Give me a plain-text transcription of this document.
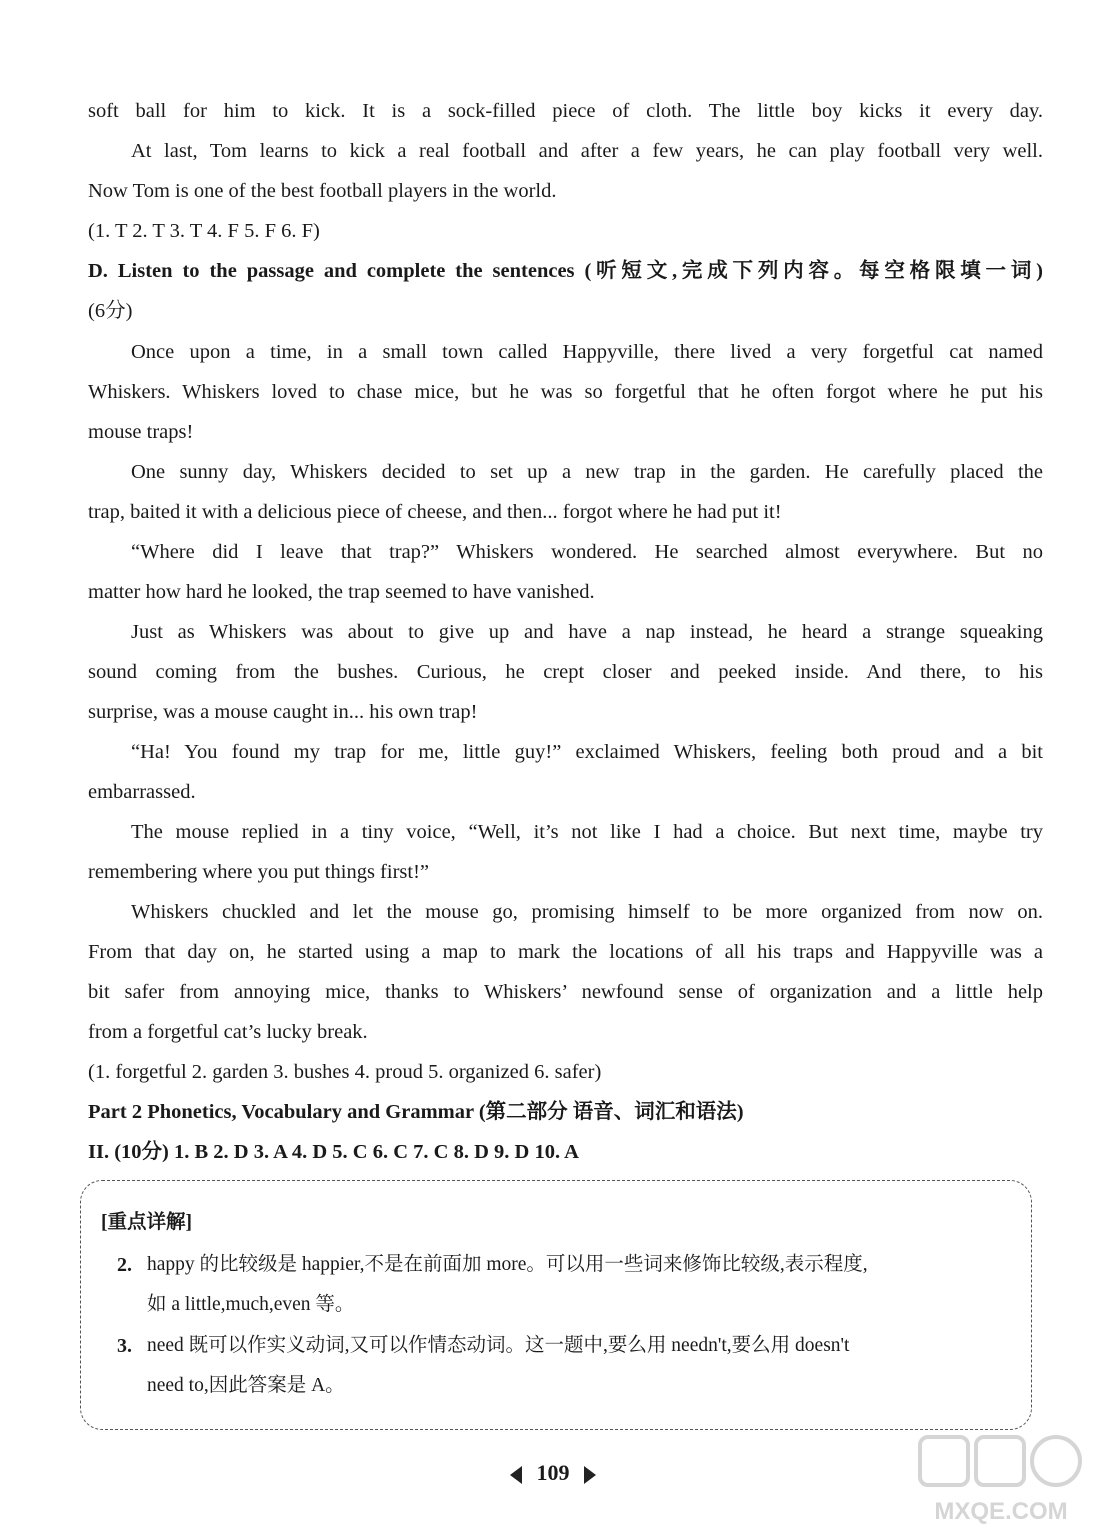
soft ball for him to kick. It is a sock-filled piece of cloth. The little boy kicks it every day.
At last, Tom learns to kick a real football and after a few years, he can play football very well.
Now Tom is one of the best football players in the world.
(1. T 2. T 3. T 4. F 5. F 6. F)
D. Listen to the passage and complete the sentences (听短文,完成下列内容。每空格限填一词)
(6分)
Once upon a time, in a small town called Happyville, there lived a very forgetful cat named
Whiskers. Whiskers loved to chase mice, but he was so forgetful that he often forgot where he put his
mouse traps!
One sunny day, Whiskers decided to set up a new trap in the garden. He carefully placed the
trap, baited it with a delicious piece of cheese, and then... forgot where he had put it!
“Where did I leave that trap?” Whiskers wondered. He searched almost everywhere. But no
matter how hard he looked, the trap seemed to have vanished.
Just as Whiskers was about to give up and have a nap instead, he heard a strange squeaking
sound coming from the bushes. Curious, he crept closer and peeked inside. And there, to his
surprise, was a mouse caught in... his own trap!
“Ha! You found my trap for me, little guy!” exclaimed Whiskers, feeling both proud and a bit
embarrassed.
The mouse replied in a tiny voice, “Well, it’s not like I had a choice. But next time, maybe try
remembering where you put things first!”
Whiskers chuckled and let the mouse go, promising himself to be more organized from now on.
From that day on, he started using a map to mark the locations of all his traps and Happyville was a
bit safer from annoying mice, thanks to Whiskers’ newfound sense of organization and a little help
from a forgetful cat’s lucky break.
(1. forgetful 2. garden 3. bushes 4. proud 5. organized 6. safer)
Part 2 Phonetics, Vocabulary and Grammar (第二部分 语音、词汇和语法)
II. (10分) 1. B 2. D 3. A 4. D 5. C 6. C 7. C 8. D 9. D 10. A
[重点详解]
2. happy 的比较级是 happier,不是在前面加 more。可以用一些词来修饰比较级,表示程度,
如 a little,much,even 等。
3. need 既可以作实义动词,又可以作情态动词。这一题中,要么用 needn't,要么用 doesn't
need to,因此答案是 A。
109
MXQE.COM
